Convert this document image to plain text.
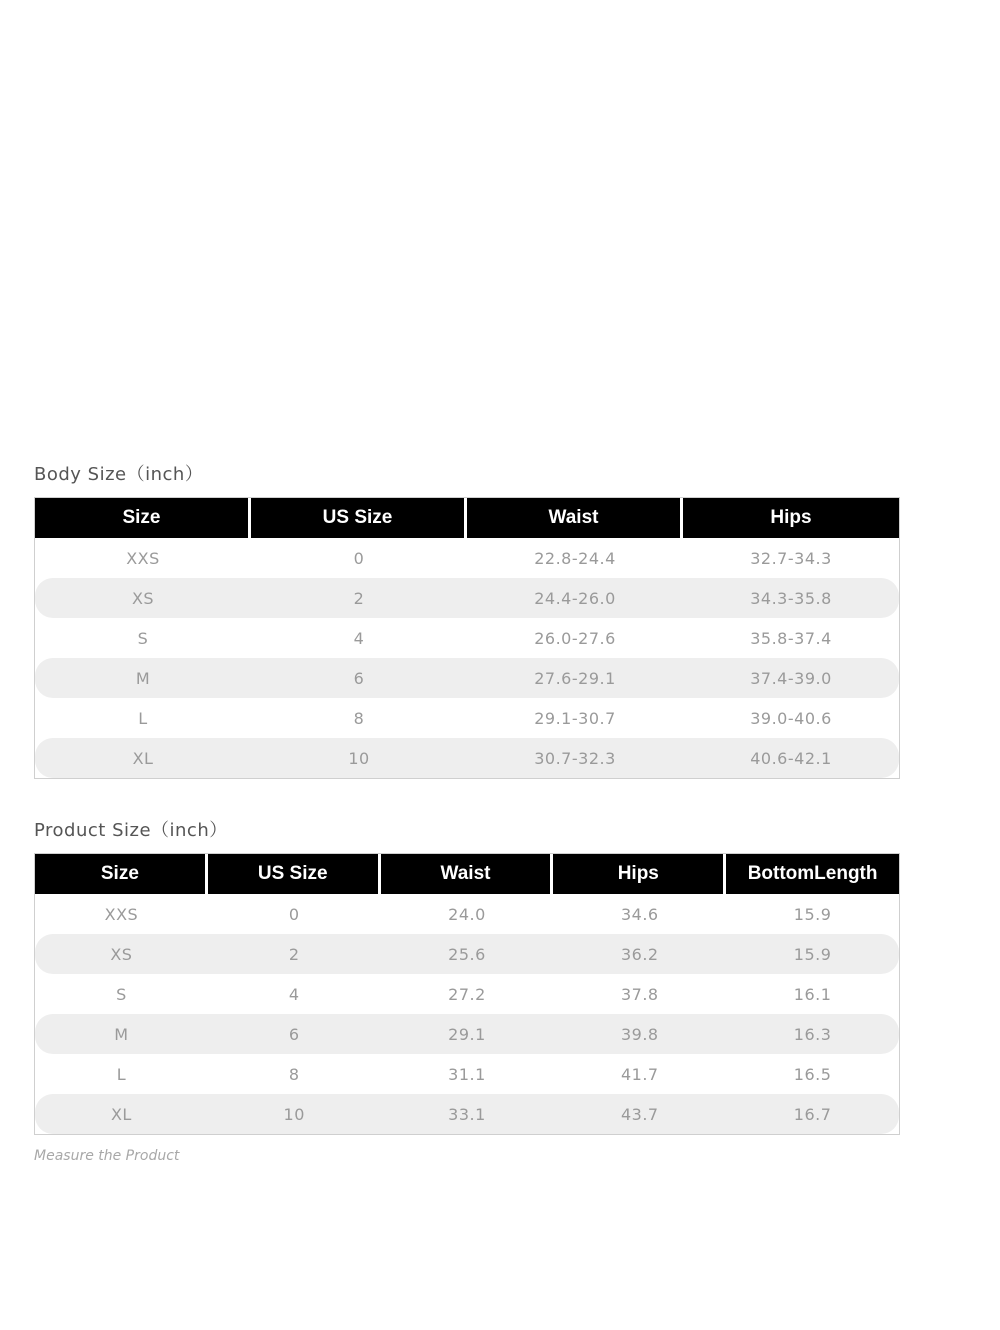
Body Size（inch）
Size	US Size	Waist	Hips
XXS	0	22.8-24.4	32.7-34.3
XS	2	24.4-26.0	34.3-35.8
S	4	26.0-27.6	35.8-37.4
M	6	27.6-29.1	37.4-39.0
L	8	29.1-30.7	39.0-40.6
XL	10	30.7-32.3	40.6-42.1
Product Size（inch）
Size	US Size	Waist	Hips	BottomLength
XXS	0	24.0	34.6	15.9
XS	2	25.6	36.2	15.9
S	4	27.2	37.8	16.1
M	6	29.1	39.8	16.3
L	8	31.1	41.7	16.5
XL	10	33.1	43.7	16.7

Measure the Product
